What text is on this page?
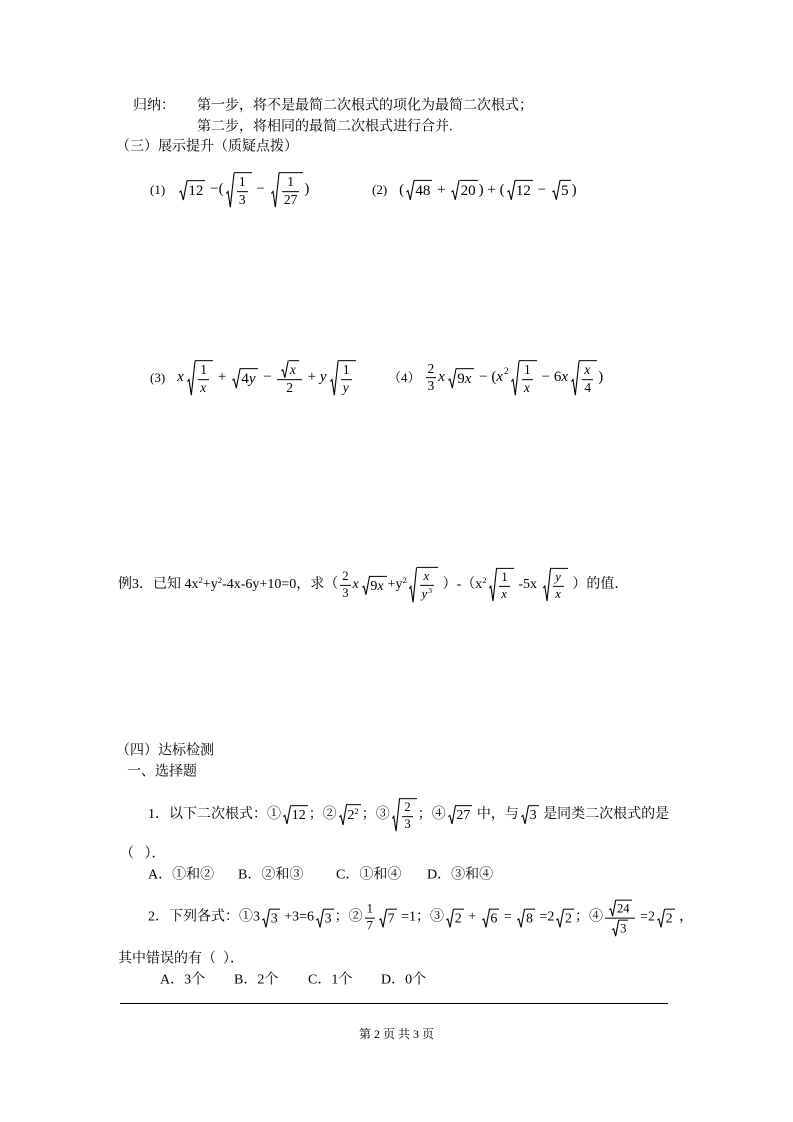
归纳： 第一步，将不是最简二次根式的项化为最简二次根式；
第二步，将相同的最简二次根式进行合并.
（三）展示提升（质疑点拨）
(1) 12 − ( $\frac{1}{3} - \frac{1}{27}$ )	(2) ( 48 + 20 ) + ( 12 − 5 )
(3) x $\frac{1}{x} + 4$ $y - \frac{x}{2} + y \frac{1}{y}$	$(4) \frac{2}{3}$ x 9 x − ( x $2 \frac{1}{x} - 6$ x $\frac{x}{4}$ )
例3．已知 4x 2 +y 2 -4x-6y+10=0，求（ $\frac{2}{3}$ x 9 x +y $2 \frac{x}{y 3} )-(x$ $2 \frac{1}{x} -5x \frac{y}{x}$ ）的值．
（四）达标检测
一、选择题
1．以下二次根式：① 12 ；② 2 2 ；③ $\frac{2}{3}$ ；④ 27 中，与 3 是同类二次根式的是
（   ）．
A．①和② B．②和③ C．①和④ D．③和④
2．下列各式：①3 3 +3=6 3 ；② $\frac{1}{7} 7 =1$；③ 2 + 6 = 8 =2 2 ；④ $\frac{24}{3} =2$ 2 ，
其中错误的有（  ）．
A．3个 B．2个 C．1个 D．0个
第 2 页 共 3 页
